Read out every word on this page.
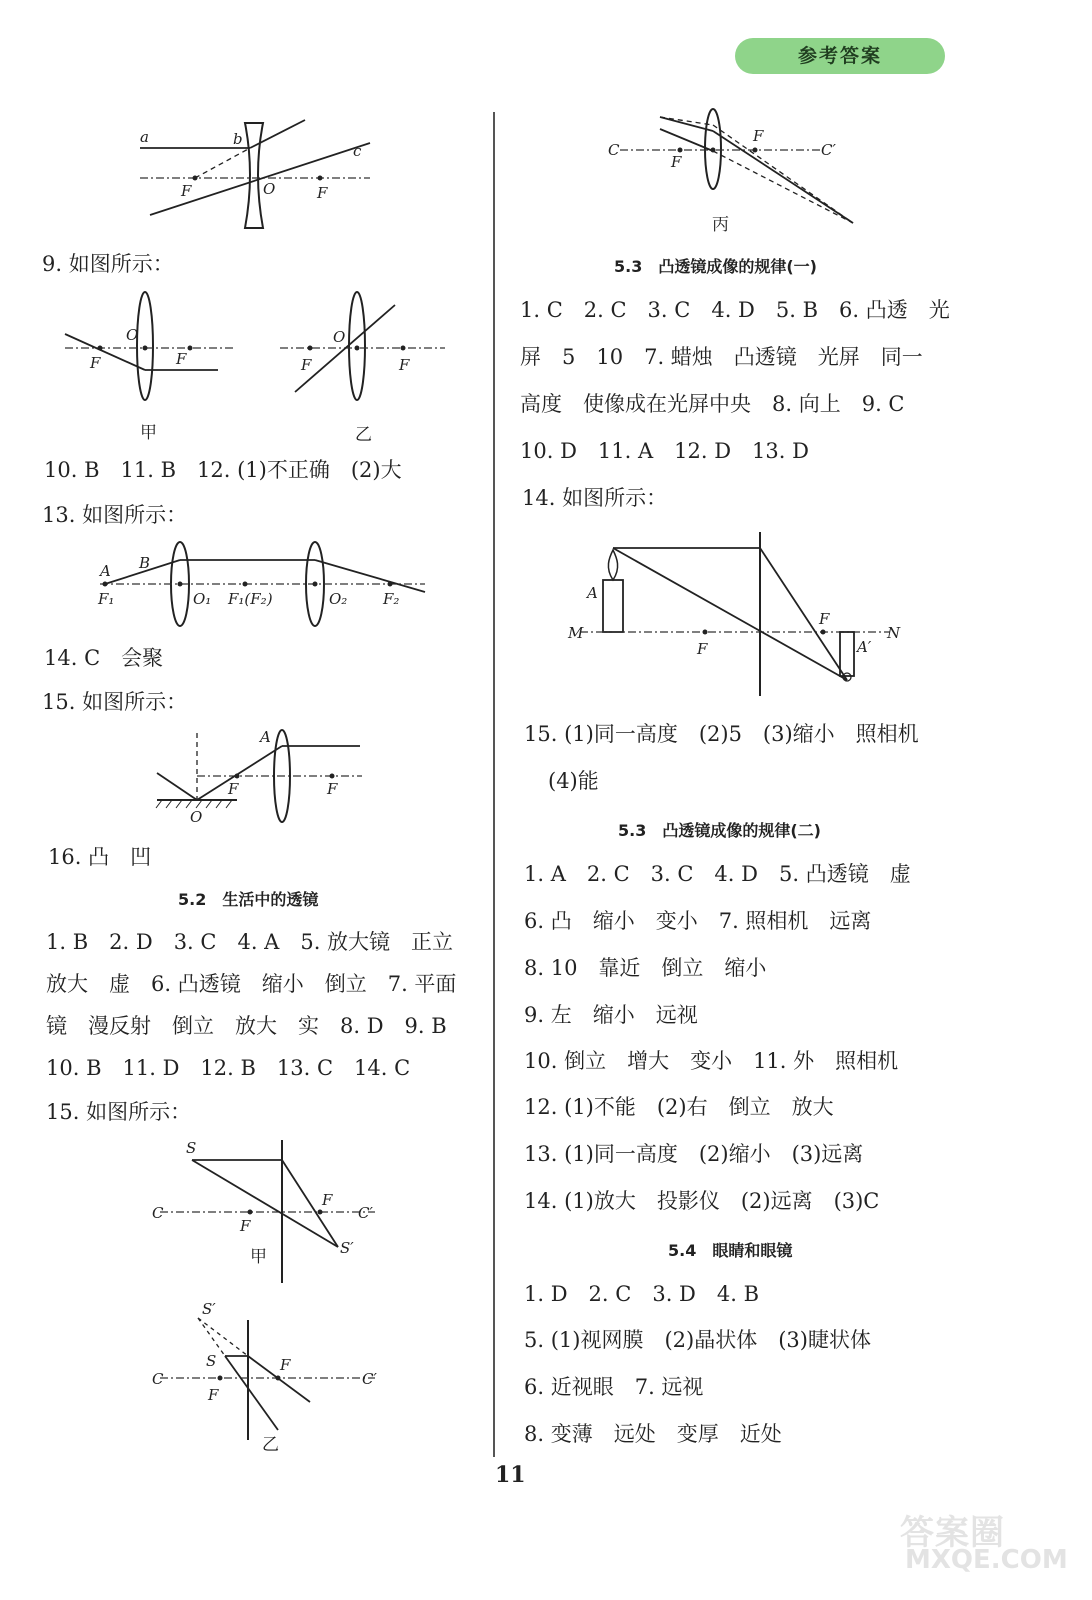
参考答案
a	b
c
F	O	F
9. 如图所示：
F
O
F
甲
F
O
F
乙
10. B　11. B　12. (1)不正确　(2)大
13. 如图所示：
A B
F₁	O₁ F₁(F₂)	O₂ F₂
14. C　会聚
15. 如图所示：
A
F	F
O
16. 凸　凹
5.2　生活中的透镜
1. B　2. D　3. C　4. A　5. 放大镜　正立
放大　虚　6. 凸透镜　缩小　倒立　7. 平面
镜　漫反射　倒立　放大　实　8. D　9. B
10. B　11. D　12. B　13. C　14. C
15. 如图所示：
S
C	C′
F
F
S′
甲
S′
S
C	C′
F
F
乙
C	C′
F
F
丙
5.3　凸透镜成像的规律(一)
1. C　2. C　3. C　4. D　5. B　6. 凸透　光
屏　5　10　7. 蜡烛　凸透镜　光屏　同一
高度　使像成在光屏中央　8. 向上　9. C
10. D　11. A　12. D　13. D
14. 如图所示：
A
M	N
F
F	A′
15. (1)同一高度　(2)5　(3)缩小　照相机
(4)能
5.3　凸透镜成像的规律(二)
1. A　2. C　3. C　4. D　5. 凸透镜　虚
6. 凸　缩小　变小　7. 照相机　远离
8. 10　靠近　倒立　缩小
9. 左　缩小　远视
10. 倒立　增大　变小　11. 外　照相机
12. (1)不能　(2)右　倒立　放大
13. (1)同一高度　(2)缩小　(3)远离
14. (1)放大　投影仪　(2)远离　(3)C
5.4　眼睛和眼镜
1. D　2. C　3. D　4. B
5. (1)视网膜　(2)晶状体　(3)睫状体
6. 近视眼　7. 远视
8. 变薄　远处　变厚　近处
11
答案圈
MXQE.COM
